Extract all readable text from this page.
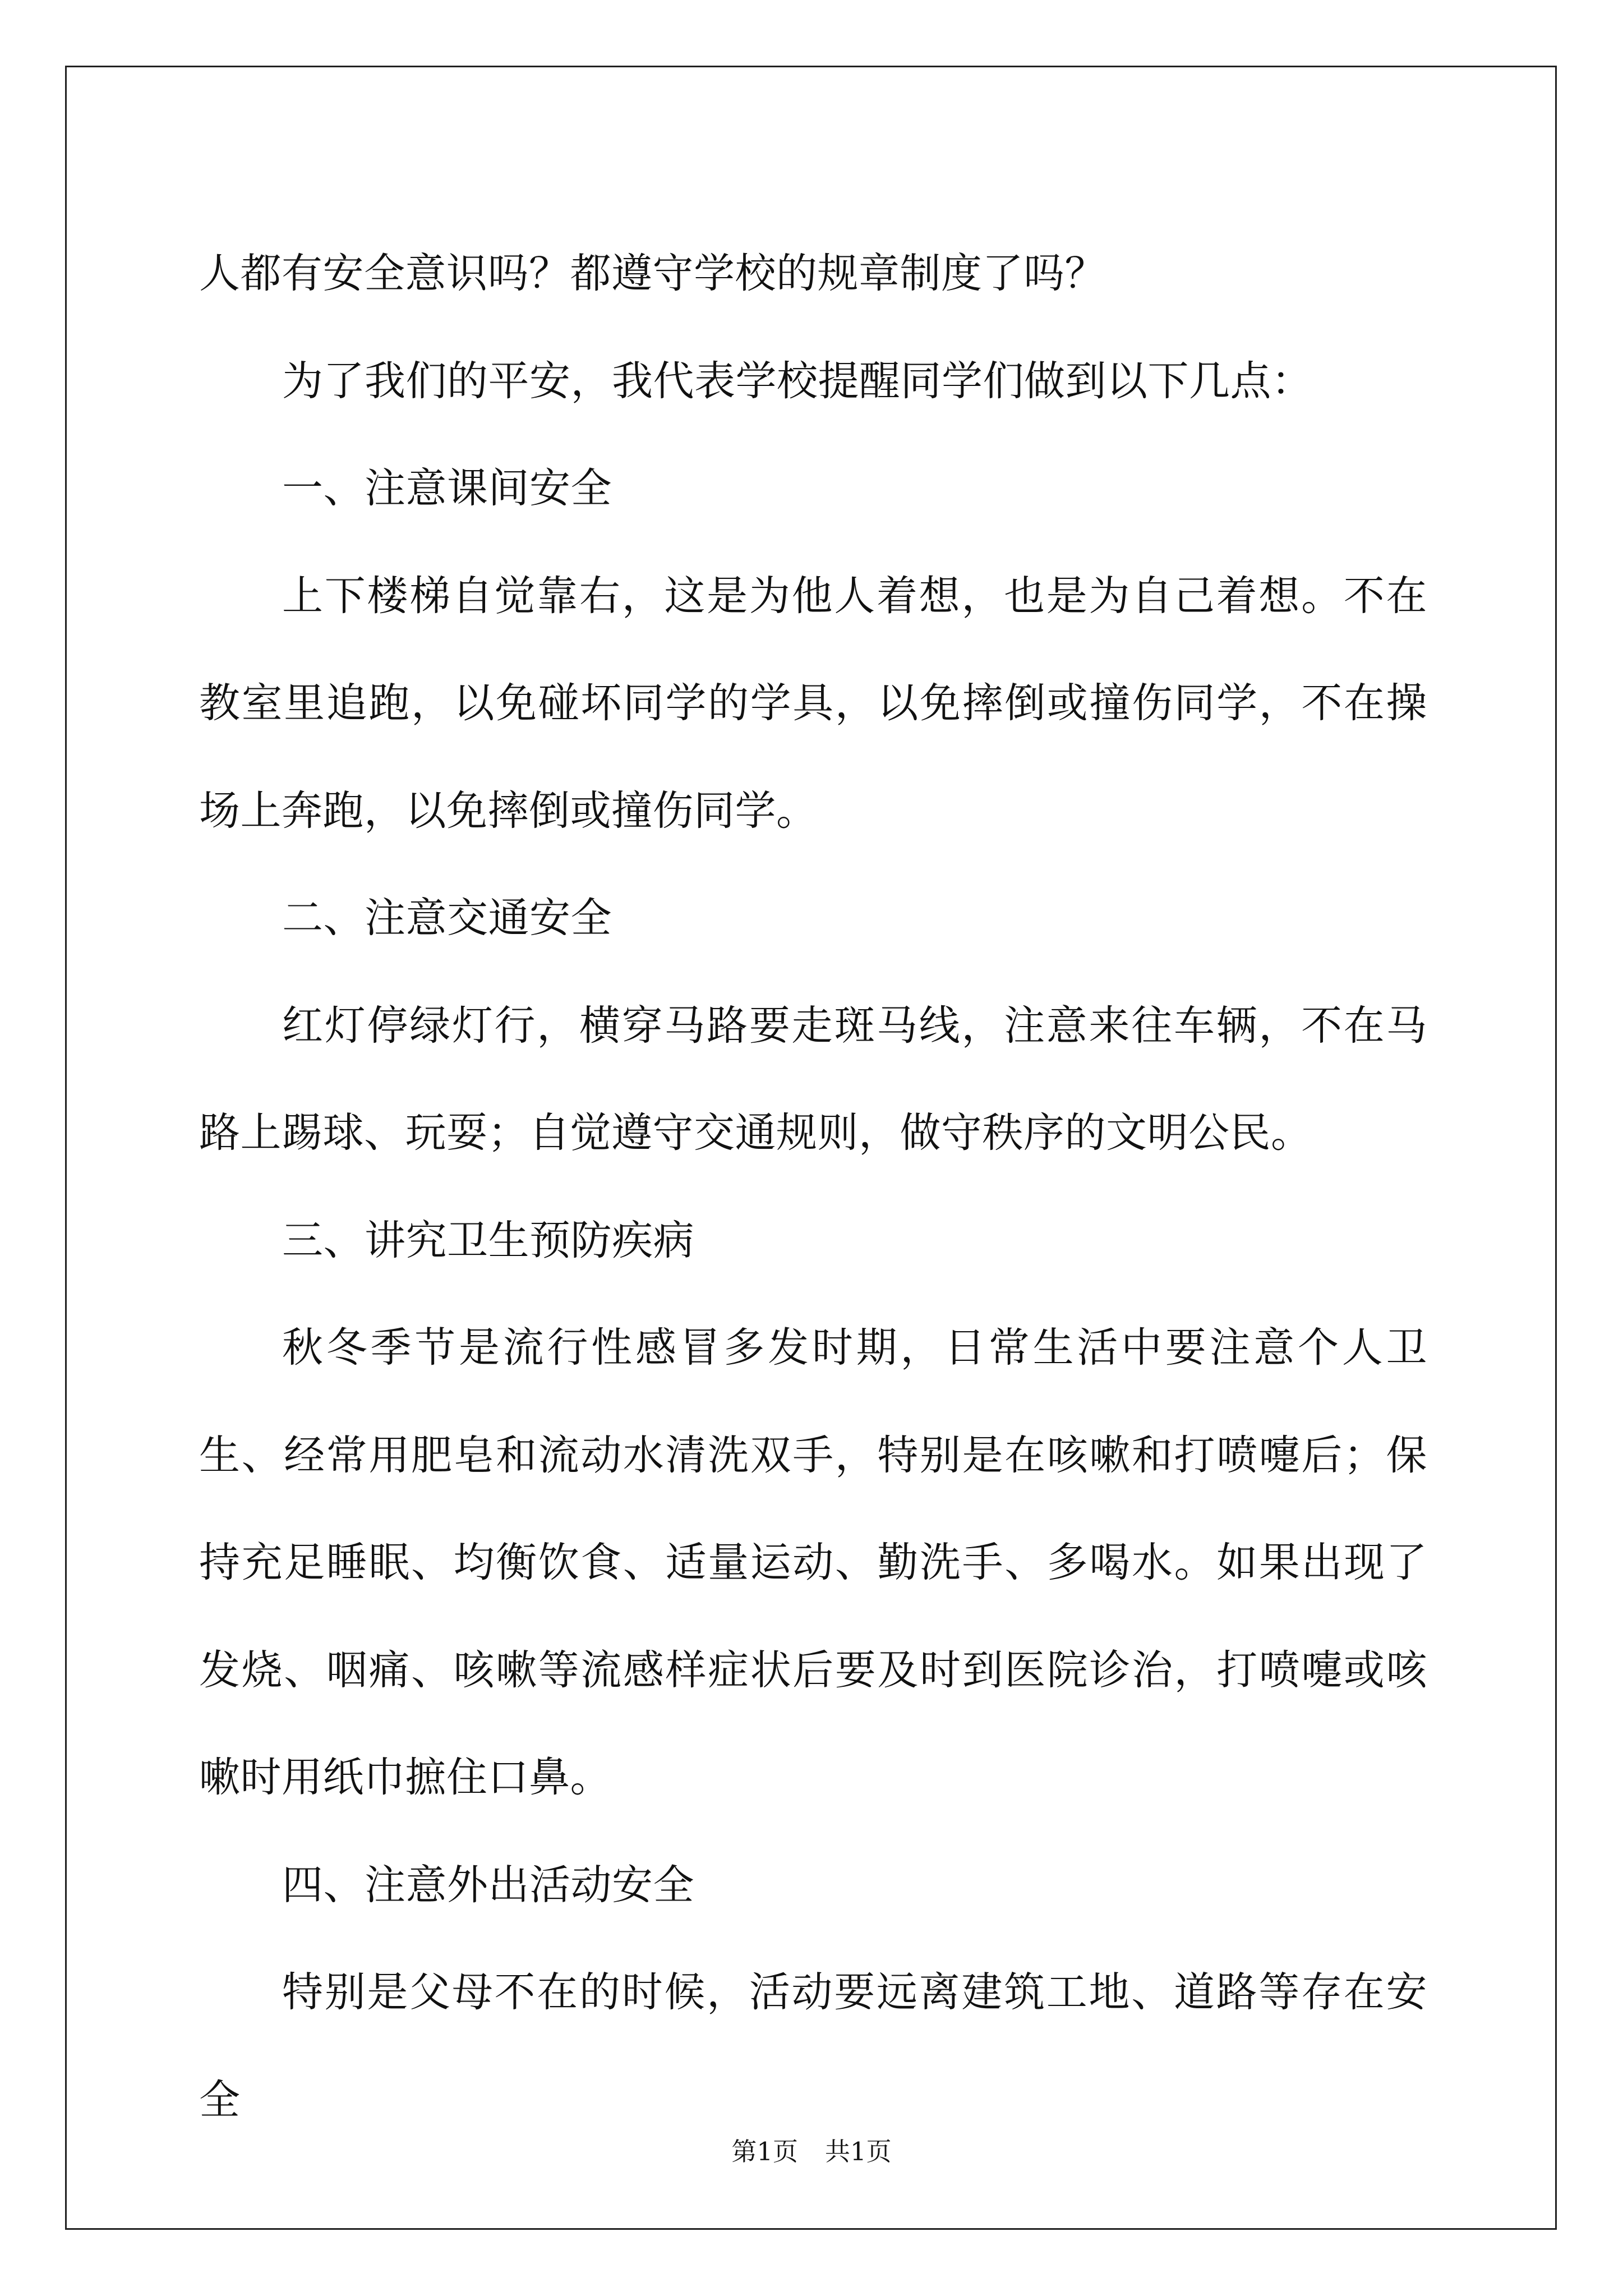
人都有安全意识吗？都遵守学校的规章制度了吗？

为了我们的平安，我代表学校提醒同学们做到以下几点：

一、注意课间安全

上下楼梯自觉靠右，这是为他人着想，也是为自己着想。不在教室里追跑，以免碰坏同学的学具，以免摔倒或撞伤同学，不在操场上奔跑，以免摔倒或撞伤同学。

二、注意交通安全

红灯停绿灯行，横穿马路要走斑马线，注意来往车辆，不在马路上踢球、玩耍；自觉遵守交通规则，做守秩序的文明公民。

三、讲究卫生预防疾病

秋冬季节是流行性感冒多发时期，日常生活中要注意个人卫生、经常用肥皂和流动水清洗双手，特别是在咳嗽和打喷嚏后；保持充足睡眠、均衡饮食、适量运动、勤洗手、多喝水。如果出现了发烧、咽痛、咳嗽等流感样症状后要及时到医院诊治，打喷嚏或咳嗽时用纸巾摭住口鼻。

四、注意外出活动安全

特别是父母不在的时候，活动要远离建筑工地、道路等存在安全

第1页 共1页
